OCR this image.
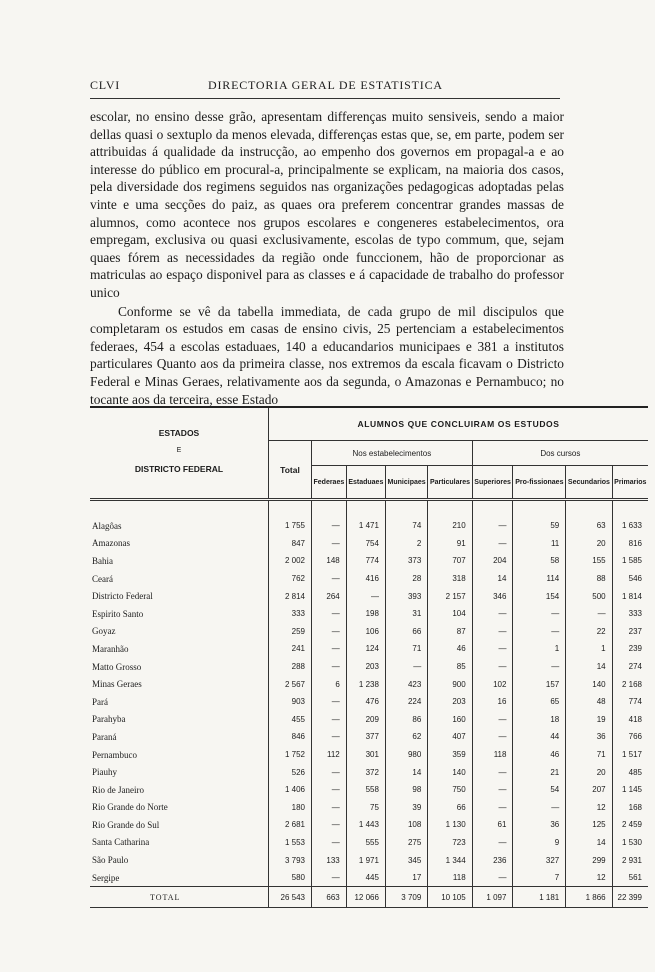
CLVI	DIRECTORIA GERAL DE ESTATISTICA

escolar, no ensino desse grão, apresentam differenças muito sensiveis, sendo a maior dellas quasi o sextuplo da menos elevada, differenças estas que, se, em parte, podem ser attribuidas á qualidade da instrucção, ao empenho dos governos em propagal-a e ao interesse do público em procural-a, principalmente se explicam, na maioria dos casos, pela diversidade dos regimens seguidos nas organizações pedagogicas adoptadas pelas vinte e uma secções do paiz, as quaes ora preferem concentrar grandes massas de alumnos, como acontece nos grupos escolares e congeneres estabelecimentos, ora empregam, exclusiva ou quasi exclusivamente, escolas de typo commum, que, sejam quaes fórem as necessidades da região onde funccionem, hão de proporcionar as matriculas ao espaço disponivel para as classes e á capacidade de trabalho do professor unico

Conforme se vê da tabella immediata, de cada grupo de mil discipulos que completaram os estudos em casas de ensino civis, 25 pertenciam a estabelecimentos federaes, 454 a escolas estaduaes, 140 a educandarios municipaes e 381 a institutos particulares Quanto aos da primeira classe, nos extremos da escala ficavam o Districto Federal e Minas Geraes, relativamente aos da segunda, o Amazonas e Pernambuco; no tocante aos da terceira, esse Estado

ESTADOS
E
DISTRICTO FEDERAL	ALUMNOS QUE CONCLUIRAM OS ESTUDOS								
	Total	Nos estabelecimentos				Dos cursos			
		Federaes	Estaduaes	Municipaes	Particulares	Superiores	Pro-fissionaes	Secundarios	Primarios

Alagôas	1 755	—	1 471	74	210	—	59	63	1 633
Amazonas	847	—	754	2	91	—	11	20	816
Bahia	2 002	148	774	373	707	204	58	155	1 585
Ceará	762	—	416	28	318	14	114	88	546
Districto Federal	2 814	264	—	393	2 157	346	154	500	1 814
Espirito Santo	333	—	198	31	104	—	—	—	333
Goyaz	259	—	106	66	87	—	—	22	237
Maranhão	241	—	124	71	46	—	1	1	239
Matto Grosso	288	—	203	—	85	—	—	14	274
Minas Geraes	2 567	6	1 238	423	900	102	157	140	2 168
Pará	903	—	476	224	203	16	65	48	774
Parahyba	455	—	209	86	160	—	18	19	418
Paraná	846	—	377	62	407	—	44	36	766
Pernambuco	1 752	112	301	980	359	118	46	71	1 517
Piauhy	526	—	372	14	140	—	21	20	485
Rio de Janeiro	1 406	—	558	98	750	—	54	207	1 145
Rio Grande do Norte	180	—	75	39	66	—	—	12	168
Rio Grande do Sul	2 681	—	1 443	108	1 130	61	36	125	2 459
Santa Catharina	1 553	—	555	275	723	—	9	14	1 530
São Paulo	3 793	133	1 971	345	1 344	236	327	299	2 931
Sergipe	580	—	445	17	118	—	7	12	561
TOTAL	26 543	663	12 066	3 709	10 105	1 097	1 181	1 866	22 399
